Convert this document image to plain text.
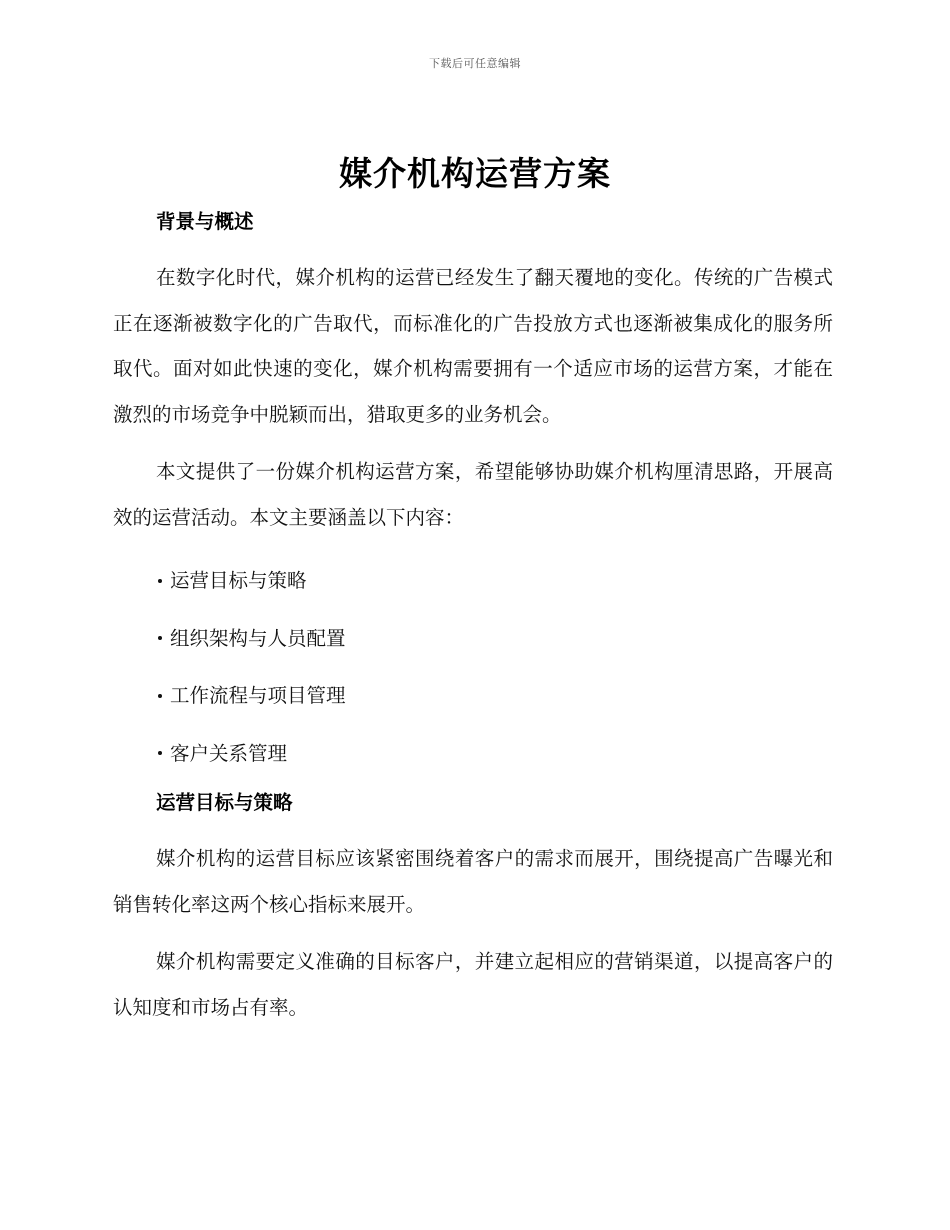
下载后可任意编辑
媒介机构运营方案
背景与概述

在数字化时代，媒介机构的运营已经发生了翻天覆地的变化。传统的广告模式正在逐渐被数字化的广告取代，而标准化的广告投放方式也逐渐被集成化的服务所取代。面对如此快速的变化，媒介机构需要拥有一个适应市场的运营方案，才能在激烈的市场竞争中脱颖而出，猎取更多的业务机会。

本文提供了一份媒介机构运营方案，希望能够协助媒介机构厘清思路，开展高效的运营活动。本文主要涵盖以下内容：

运营目标与策略
组织架构与人员配置
工作流程与项目管理
客户关系管理
运营目标与策略

媒介机构的运营目标应该紧密围绕着客户的需求而展开，围绕提高广告曝光和销售转化率这两个核心指标来展开。

媒介机构需要定义准确的目标客户，并建立起相应的营销渠道，以提高客户的认知度和市场占有率。
